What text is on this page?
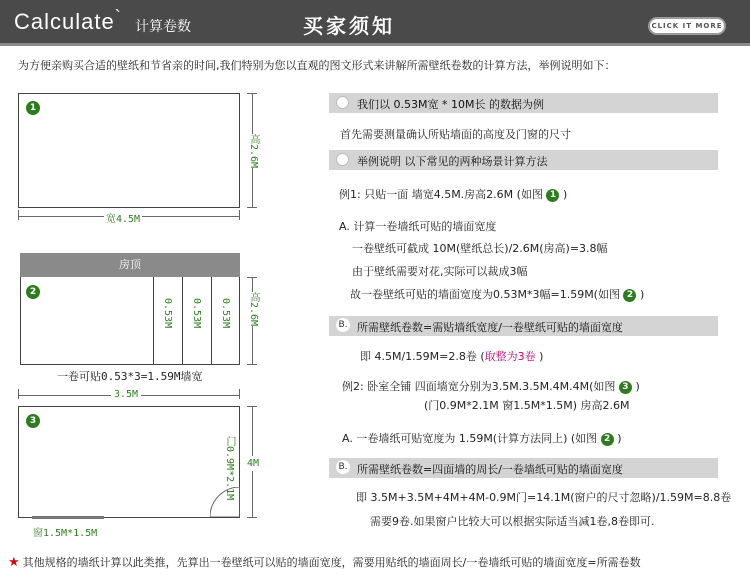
Calculate` 计算卷数	买家须知	CLICK IT MORE
为方便亲购买合适的壁纸和节省亲的时间,我们特别为您以直观的图文形式来讲解所需壁纸卷数的计算方法，举例说明如下：
1
高2.6M
宽4.5M
房顶
2
0.53M 0.53M 0.53M 高2.6M
一卷可贴0.53*3=1.59M墙宽
3.5M
3
窗1.5M*1.5M
门0.9M*2.1M 4M
我们以 0.53M宽 * 10M长 的数据为例
首先需要测量确认所贴墙面的高度及门窗的尺寸
举例说明 以下常见的两种场景计算方法
例1: 只贴一面 墙宽4.5M.房高2.6M (如图 1 )
A. 计算一卷墙纸可贴的墙面宽度
一卷壁纸可截成 10M(壁纸总长)/2.6M(房高)=3.8幅
由于壁纸需要对花,实际可以裁成3幅
故一卷壁纸可贴的墙面宽度为0.53M*3幅=1.59M(如图 2 )
B. 所需壁纸卷数=需贴墙纸宽度/一卷壁纸可贴的墙面宽度
即 4.5M/1.59M=2.8卷 (取整为3卷 )
例2: 卧室全铺 四面墙宽分别为3.5M.3.5M.4M.4M(如图 3 )
(门0.9M*2.1M 窗1.5M*1.5M) 房高2.6M
A. 一卷墙纸可贴宽度为 1.59M(计算方法同上) (如图 2 )
B. 所需壁纸卷数=四面墙的周长/一卷墙纸可贴的墙面宽度
即 3.5M+3.5M+4M+4M-0.9M门=14.1M(窗户的尺寸忽略)/1.59M=8.8卷
需要9卷.如果窗户比较大可以根据实际适当减1卷,8卷即可.
★ 其他规格的墙纸计算以此类推，先算出一卷壁纸可以贴的墙面宽度，需要用贴纸的墙面周长/一卷墙纸可贴的墙面宽度=所需卷数
